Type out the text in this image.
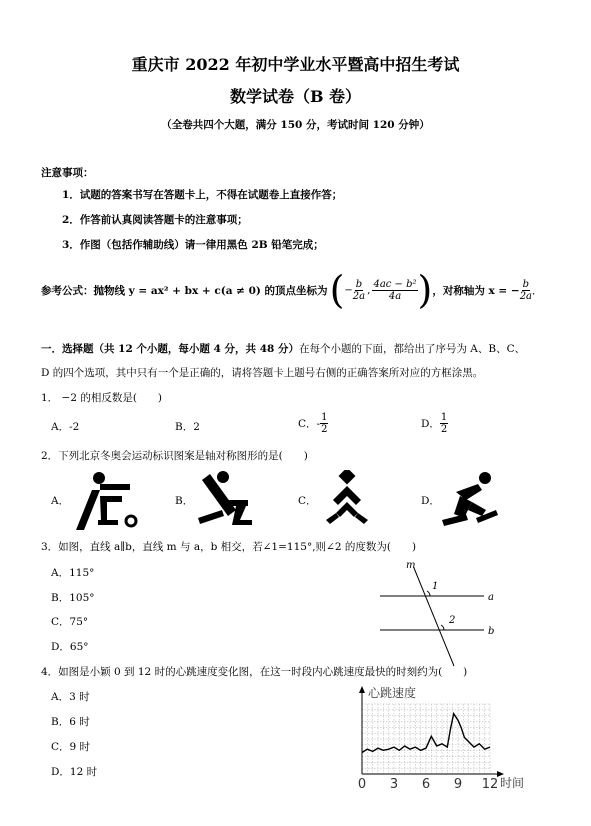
重庆市 2022 年初中学业水平暨高中招生考试
数学试卷（B 卷）
（全卷共四个大题，满分 150 分，考试时间 120 分钟）
注意事项：
1．试题的答案书写在答题卡上，不得在试题卷上直接作答；
2．作答前认真阅读答题卡的注意事项；
3．作图（包括作辅助线）请一律用黑色 2B 铅笔完成；
参考公式： 抛物线 y = ax² + bx + c(a ≠ 0) 的顶点坐标为 ( − $\frac{b}{2a}$ , $\frac{\text{4ac − b²}}{4a}$ ) ，对称轴为 x = − $\frac{b}{2a}$ ．
一．选择题（共 12 个小题，每小题 4 分，共 48 分）在每个小题的下面，都给出了序号为 A、B、C、
D 的四个选项，其中只有一个是正确的，请将答题卡上题号右侧的正确答案所对应的方框涂黑。
1． −2 的相反数是(　　)
A．-2	B．2	C．- $\frac{1}{2}$	D． $\frac{1}{2}$
2．下列北京冬奥会运动标识图案是轴对称图形的是(　　)
A．	B．	C．	D．
3．如图，直线 a∥b，直线 m 与 a，b 相交，若∠1=115°,则∠2 的度数为(　　)
A．115°
B．105°
C．75°
D．65°
m
a
b
1
2
4．如图是小颖 0 到 12 时的心跳速度变化图，在这一时段内心跳速度最快的时刻约为(　　)
A．3 时
B．6 时
C．9 时
D．12 时
心跳速度
时间
0 3 6 9 12
